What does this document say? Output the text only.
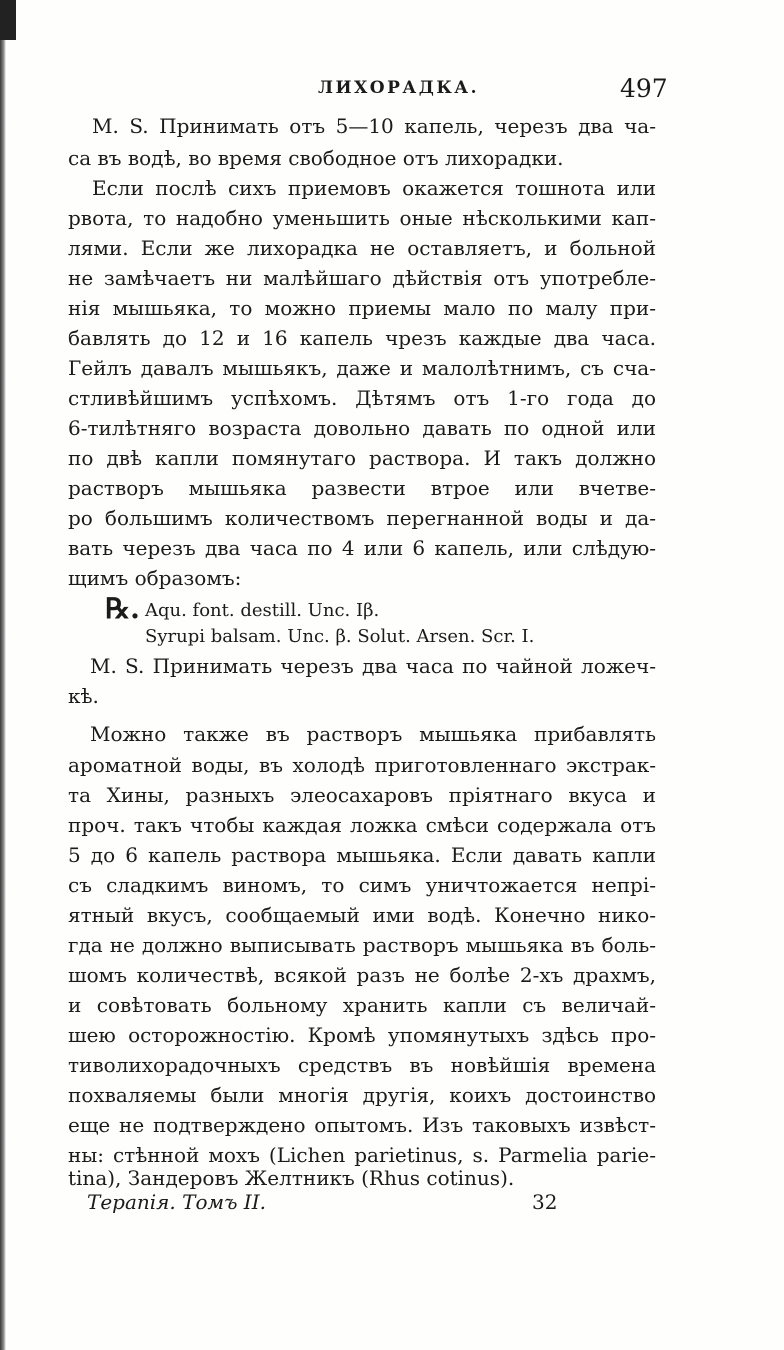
ЛИХОРАДКА.	497
M. S. Принимать отъ 5—10 капель, черезъ два ча-
са въ водѣ, во время свободное отъ лихорадки.
Если послѣ сихъ приемовъ окажется тошнота или
рвота, то надобно уменьшить оные нѣсколькими кап-
лями. Если же лихорадка не оставляетъ, и больной
не замѣчаетъ ни малѣйшаго дѣйствія отъ употребле-
нія мышьяка, то можно приемы мало по малу при-
бавлять до 12 и 16 капель чрезъ каждые два часа.
Гейлъ давалъ мышьякъ, даже и малолѣтнимъ, съ сча-
стливѣйшимъ успѣхомъ. Дѣтямъ отъ 1-го года до
6-тилѣтняго возраста довольно давать по одной или
по двѣ капли помянутаго раствора. И такъ должно
растворъ мышьяка развести втрое или вчетве-
ро большимъ количествомъ перегнанной воды и да-
вать черезъ два часа по 4 или 6 капель, или слѣдую-
щимъ образомъ:
℞. Aqu. font. destill. Unc. Iβ.
Syrupi balsam. Unc. β. Solut. Arsen. Scr. I.
M. S. Принимать черезъ два часа по чайной ложеч-
кѣ.
Можно также въ растворъ мышьяка прибавлять
ароматной воды, въ холодѣ приготовленнаго экстрак-
та Хины, разныхъ элеосахаровъ пріятнаго вкуса и
проч. такъ чтобы каждая ложка смѣси содержала отъ
5 до 6 капель раствора мышьяка. Если давать капли
съ сладкимъ виномъ, то симъ уничтожается непрі-
ятный вкусъ, сообщаемый ими водѣ. Конечно нико-
гда не должно выписывать растворъ мышьяка въ боль-
шомъ количествѣ, всякой разъ не болѣе 2-хъ драхмъ,
и совѣтовать больному хранить капли съ величай-
шею осторожностію. Кромѣ упомянутыхъ здѣсь про-
тиволихорадочныхъ средствъ въ новѣйшія времена
похваляемы были многія другія, коихъ достоинство
еще не подтверждено опытомъ. Изъ таковыхъ извѣст-
ны: стѣнной мохъ (Lichen parietinus, s. Parmelia parie-
tina), Зандеровъ Желтникъ (Rhus cotinus).
Терапія. Томъ II.	32
